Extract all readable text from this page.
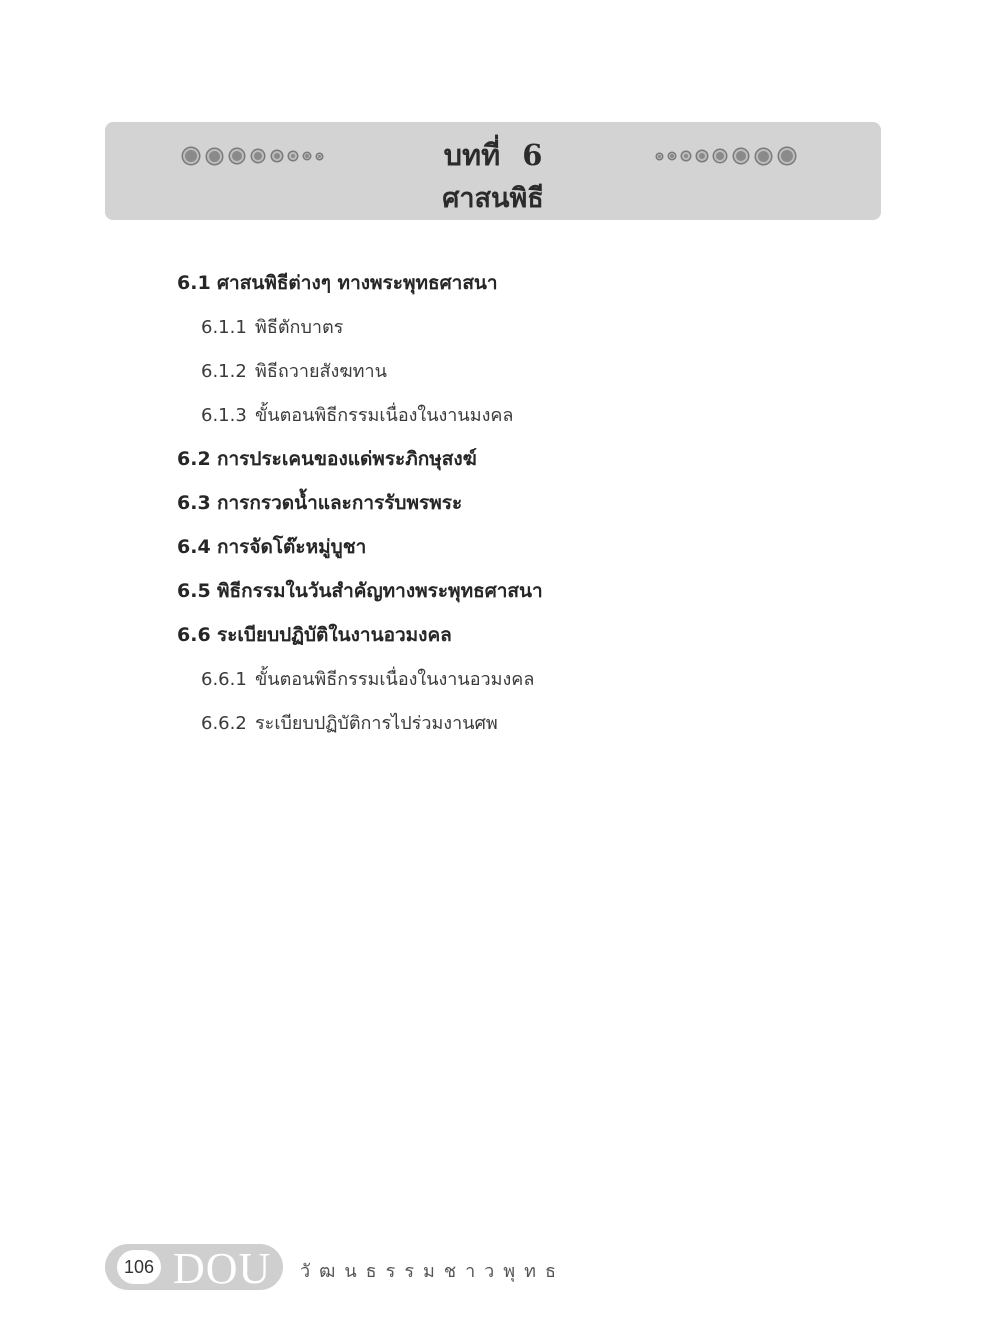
บทที่ 6
ศาสนพิธี
6.1 ศาสนพิธีต่างๆ ทางพระพุทธศาสนา
6.1.1 พิธีตักบาตร
6.1.2 พิธีถวายสังฆทาน
6.1.3 ขั้นตอนพิธีกรรมเนื่องในงานมงคล
6.2 การประเคนของแด่พระภิกษุสงฆ์
6.3 การกรวดน้ำและการรับพรพระ
6.4 การจัดโต๊ะหมู่บูชา
6.5 พิธีกรรมในวันสำคัญทางพระพุทธศาสนา
6.6 ระเบียบปฏิบัติในงานอวมงคล
6.6.1 ขั้นตอนพิธีกรรมเนื่องในงานอวมงคล
6.6.2 ระเบียบปฏิบัติการไปร่วมงานศพ
106 DOU วัฒนธรรมชาวพุทธ
